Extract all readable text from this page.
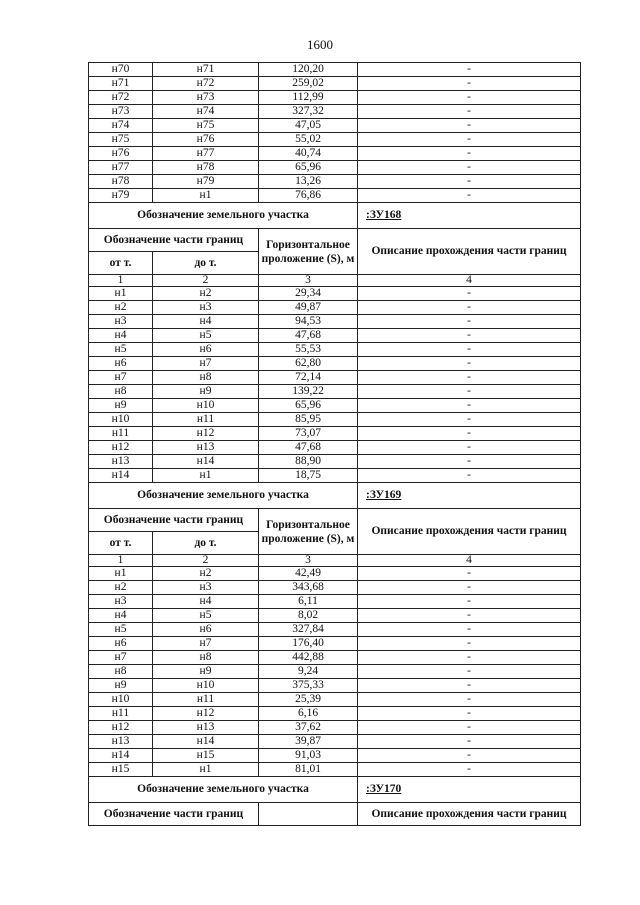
1600
н70	н71	120,20	-
н71	н72	259,02	-
н72	н73	112,99	-
н73	н74	327,32	-
н74	н75	47,05	-
н75	н76	55,02	-
н76	н77	40,74	-
н77	н78	65,96	-
н78	н79	13,26	-
н79	н1	76,86	-
Обозначение земельного участка			:ЗУ168
Обозначение части границ		Горизонтальное проложение (S), м	Описание прохождения части границ
от т.	до т.		
1	2	3	4
н1	н2	29,34	-
н2	н3	49,87	-
н3	н4	94,53	-
н4	н5	47,68	-
н5	н6	55,53	-
н6	н7	62,80	-
н7	н8	72,14	-
н8	н9	139,22	-
н9	н10	65,96	-
н10	н11	85,95	-
н11	н12	73,07	-
н12	н13	47,68	-
н13	н14	88,90	-
н14	н1	18,75	-
Обозначение земельного участка			:ЗУ169
Обозначение части границ		Горизонтальное проложение (S), м	Описание прохождения части границ
от т.	до т.		
1	2	3	4
н1	н2	42,49	-
н2	н3	343,68	-
н3	н4	6,11	-
н4	н5	8,02	-
н5	н6	327,84	-
н6	н7	176,40	-
н7	н8	442,88	-
н8	н9	9,24	-
н9	н10	375,33	-
н10	н11	25,39	-
н11	н12	6,16	-
н12	н13	37,62	-
н13	н14	39,87	-
н14	н15	91,03	-
н15	н1	81,01	-
Обозначение земельного участка			:ЗУ170
Обозначение части границ			Описание прохождения части границ
